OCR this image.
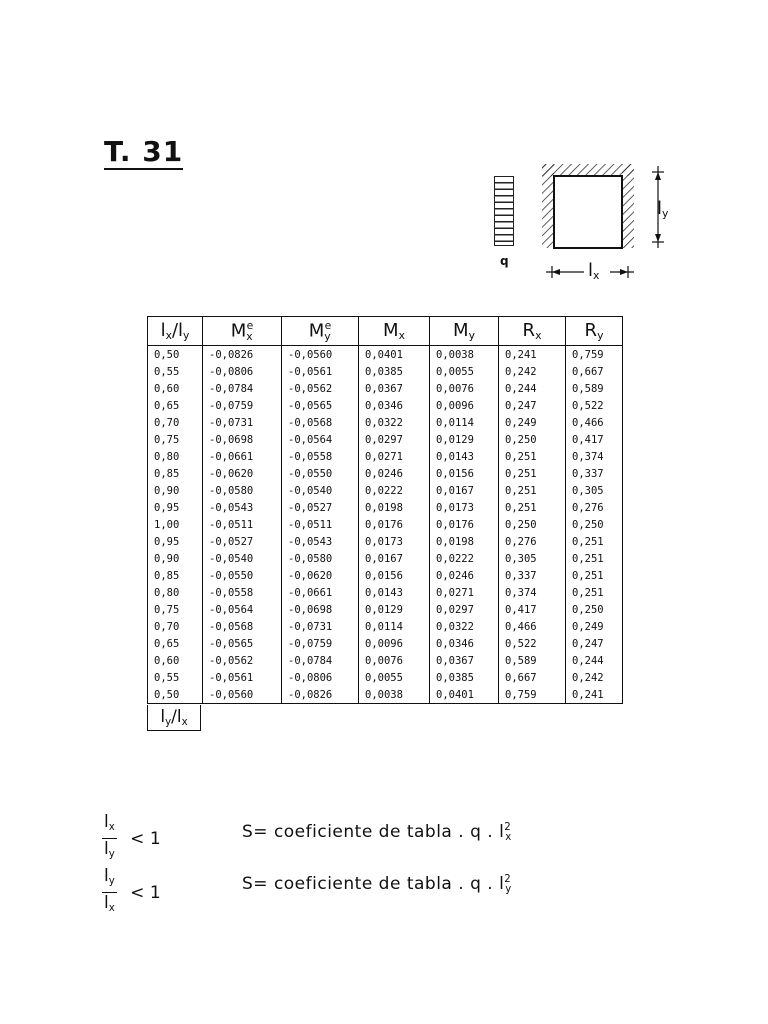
T. 31
q
$l_y$
$l_x$
$l_x/l_y$	$M_x^e$	$M_y^e$	$M_x$	$M_y$	$R_x$	$R_y$
0,50	-0,0826	-0,0560	0,0401	0,0038	0,241	0,759
0,55	-0,0806	-0,0561	0,0385	0,0055	0,242	0,667
0,60	-0,0784	-0,0562	0,0367	0,0076	0,244	0,589
0,65	-0,0759	-0,0565	0,0346	0,0096	0,247	0,522
0,70	-0,0731	-0,0568	0,0322	0,0114	0,249	0,466
0,75	-0,0698	-0,0564	0,0297	0,0129	0,250	0,417
0,80	-0,0661	-0,0558	0,0271	0,0143	0,251	0,374
0,85	-0,0620	-0,0550	0,0246	0,0156	0,251	0,337
0,90	-0,0580	-0,0540	0,0222	0,0167	0,251	0,305
0,95	-0,0543	-0,0527	0,0198	0,0173	0,251	0,276
1,00	-0,0511	-0,0511	0,0176	0,0176	0,250	0,250
0,95	-0,0527	-0,0543	0,0173	0,0198	0,276	0,251
0,90	-0,0540	-0,0580	0,0167	0,0222	0,305	0,251
0,85	-0,0550	-0,0620	0,0156	0,0246	0,337	0,251
0,80	-0,0558	-0,0661	0,0143	0,0271	0,374	0,251
0,75	-0,0564	-0,0698	0,0129	0,0297	0,417	0,250
0,70	-0,0568	-0,0731	0,0114	0,0322	0,466	0,249
0,65	-0,0565	-0,0759	0,0096	0,0346	0,522	0,247
0,60	-0,0562	-0,0784	0,0076	0,0367	0,589	0,244
0,55	-0,0561	-0,0806	0,0055	0,0385	0,667	0,242
0,50	-0,0560	-0,0826	0,0038	0,0401	0,759	0,241
$l_y/l_x$
$\frac{l_x}{l_y} < 1$	S= coeficiente de tabla . q . $l^2_x$
$\frac{l_y}{l_x} < 1$	S= coeficiente de tabla . q . $l^2_y$
